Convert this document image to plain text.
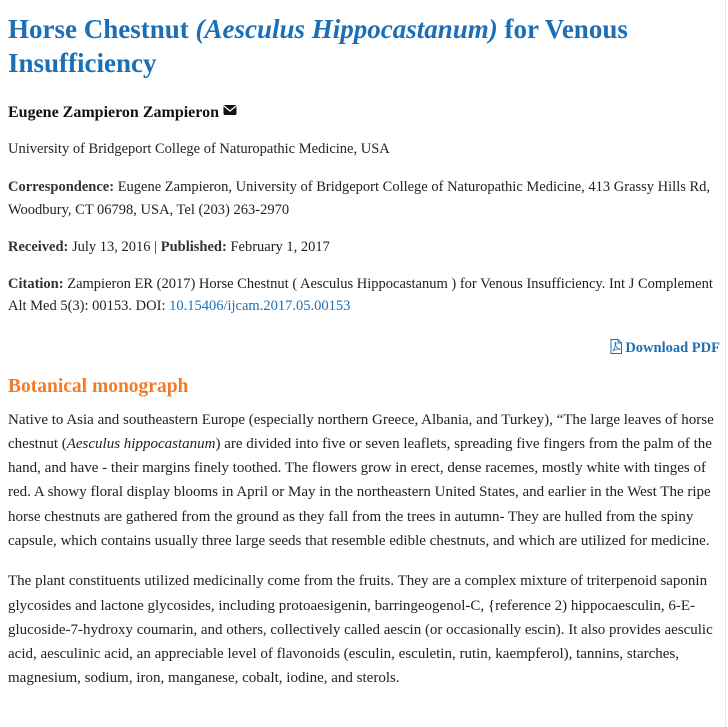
Horse Chestnut (Aesculus Hippocastanum) for Venous Insufficiency
Eugene Zampieron Zampieron
University of Bridgeport College of Naturopathic Medicine, USA
Correspondence: Eugene Zampieron, University of Bridgeport College of Naturopathic Medicine, 413 Grassy Hills Rd, Woodbury, CT 06798, USA, Tel (203) 263-2970
Received: July 13, 2016 | Published: February 1, 2017
Citation: Zampieron ER (2017) Horse Chestnut ( Aesculus Hippocastanum ) for Venous Insufficiency. Int J Complement Alt Med 5(3): 00153. DOI: 10.15406/ijcam.2017.05.00153
Download PDF
Botanical monograph

Native to Asia and southeastern Europe (especially northern Greece, Albania, and Turkey), “The large leaves of horse chestnut (Aesculus hippocastanum) are divided into five or seven leaflets, spreading five fingers from the palm of the hand, and have - their margins finely toothed. The flowers grow in erect, dense racemes, mostly white with tinges of red. A showy floral display blooms in April or May in the northeastern United States, and earlier in the West The ripe horse chestnuts are gathered from the ground as they fall from the trees in autumn- They are hulled from the spiny capsule, which contains usually three large seeds that resemble edible chestnuts, and which are utilized for medicine.

The plant constituents utilized medicinally come from the fruits. They are a complex mixture of triterpenoid saponin glycosides and lactone glycosides, including protoaesigenin, barringeogenol-C, {reference 2) hippocaesculin, 6-E-glucoside-7-hydroxy coumarin, and others, collectively called aescin (or occasionally escin). It also provides aesculic acid, aesculinic acid, an appreciable level of flavonoids (esculin, esculetin, rutin, kaempferol), tannins, starches, magnesium, sodium, iron, manganese, cobalt, iodine, and sterols.
